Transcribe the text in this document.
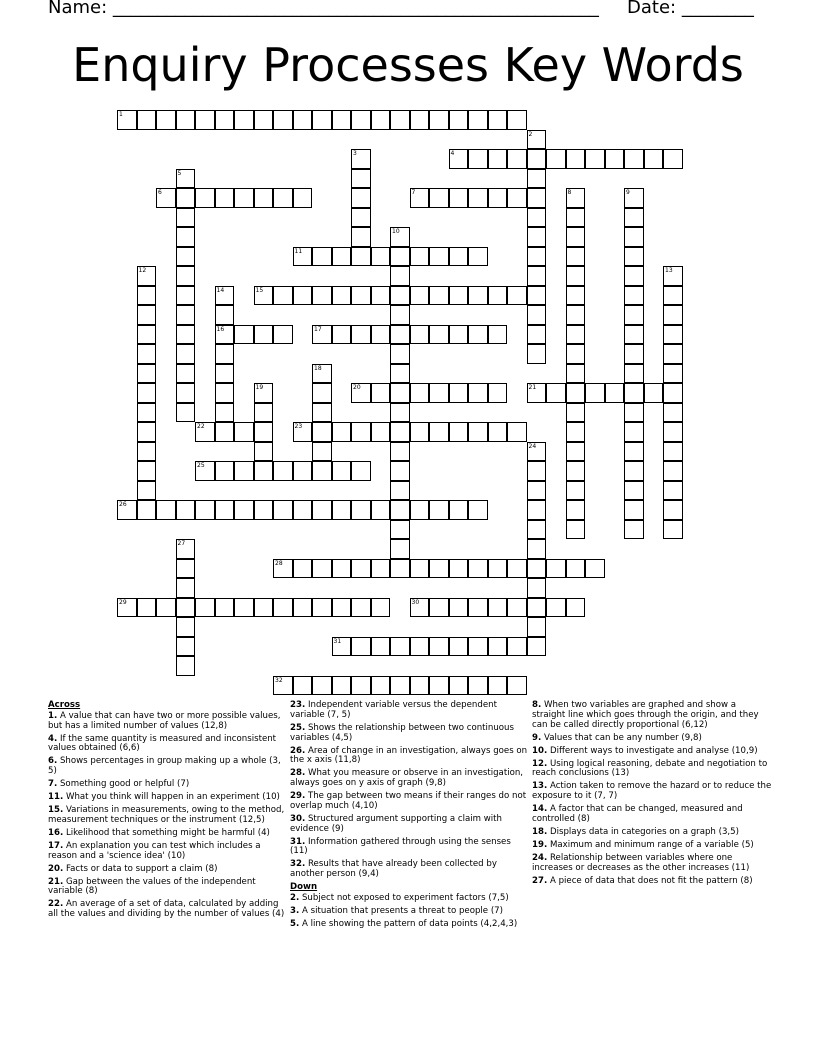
Name: ______________________________________________________ Date: ________
Enquiry Processes Key Words
1
2
3	4
5
6	7	8	9
10
11
12	13
14
16
15
17
18
19	20	21
22	23
24
25
26
27
28
29	30
31
32
Across
1. A value that can have two or more possible values, but has a limited number of values (12,8)
4. If the same quantity is measured and inconsistent values obtained (6,6)
6. Shows percentages in group making up a whole (3, 5)
7. Something good or helpful (7)
11. What you think will happen in an experiment (10)
15. Variations in measurements, owing to the method, measurement techniques or the instrument (12,5)
16. Likelihood that something might be harmful (4)
17. An explanation you can test which includes a reason and a 'science idea' (10)
20. Facts or data to support a claim (8)
21. Gap between the values of the independent variable (8)
22. An average of a set of data, calculated by adding all the values and dividing by the number of values (4)
23. Independent variable versus the dependent variable (7, 5)
25. Shows the relationship between two continuous variables (4,5)
26. Area of change in an investigation, always goes on the x axis (11,8)
28. What you measure or observe in an investigation, always goes on y axis of graph (9,8)
29. The gap between two means if their ranges do not overlap much (4,10)
30. Structured argument supporting a claim with evidence (9)
31. Information gathered through using the senses (11)
32. Results that have already been collected by another person (9,4)
Down
2. Subject not exposed to experiment factors (7,5)
3. A situation that presents a threat to people (7)
5. A line showing the pattern of data points (4,2,4,3)
8. When two variables are graphed and show a straight line which goes through the origin, and they can be called directly proportional (6,12)
9. Values that can be any number (9,8)
10. Different ways to investigate and analyse (10,9)
12. Using logical reasoning, debate and negotiation to reach conclusions (13)
13. Action taken to remove the hazard or to reduce the exposure to it (7, 7)
14. A factor that can be changed, measured and controlled (8)
18. Displays data in categories on a graph (3,5)
19. Maximum and minimum range of a variable (5)
24. Relationship between variables where one increases or decreases as the other increases (11)
27. A piece of data that does not fit the pattern (8)
